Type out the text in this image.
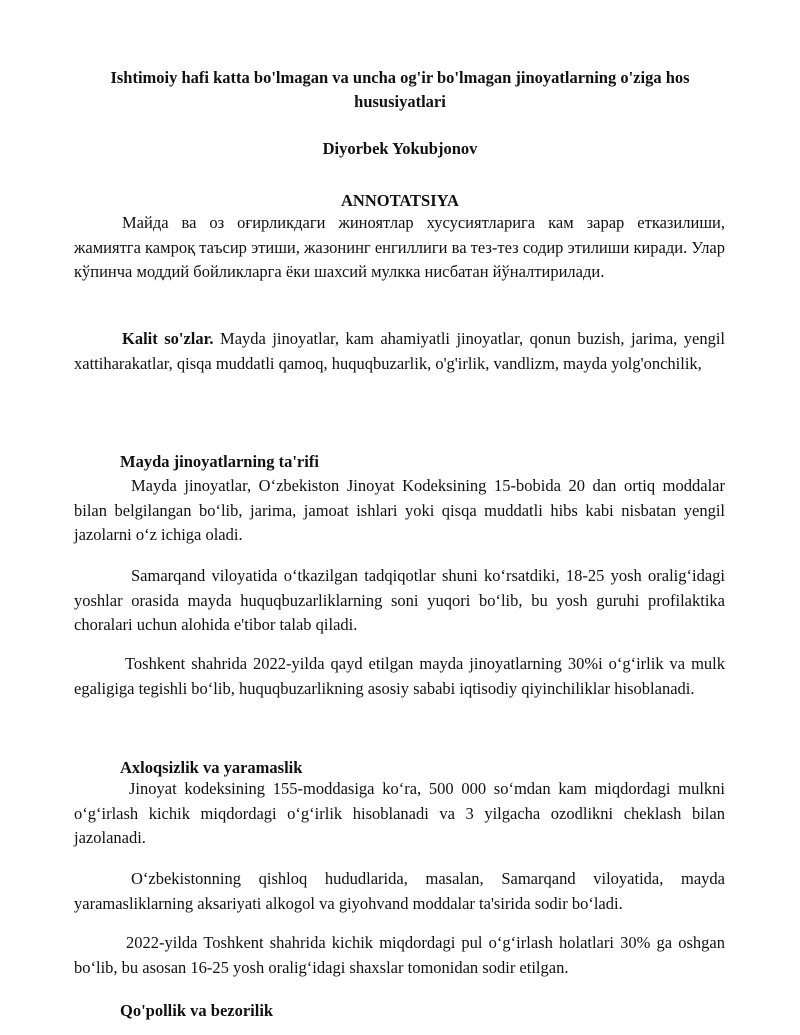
Ishtimoiy hafi katta bo'lmagan va uncha og'ir bo'lmagan jinoyatlarning o'ziga hos hususiyatlari
Diyorbek Yokubjonov
ANNOTATSIYA

Майда ва оз оғирликдаги жиноятлар хусусиятларига кам зарар етказилиши, жамиятга камроқ таъсир этиши, жазонинг енгиллиги ва тез-тез содир этилиши киради. Улар кўпинча моддий бойликларга ёки шахсий мулкка нисбатан йўналтирилади.

Kalit so'zlar. Mayda jinoyatlar, kam ahamiyatli jinoyatlar, qonun buzish, jarima, yengil xattiharakatlar, qisqa muddatli qamoq, huquqbuzarlik, o'g'irlik, vandlizm, mayda yolg'onchilik,

Mayda jinoyatlarning ta'rifi

Mayda jinoyatlar, Oʻzbekiston Jinoyat Kodeksining 15-bobida 20 dan ortiq moddalar bilan belgilangan boʻlib, jarima, jamoat ishlari yoki qisqa muddatli hibs kabi nisbatan yengil jazolarni oʻz ichiga oladi.

Samarqand viloyatida oʻtkazilgan tadqiqotlar shuni koʻrsatdiki, 18-25 yosh oraligʻidagi yoshlar orasida mayda huquqbuzarliklarning soni yuqori boʻlib, bu yosh guruhi profilaktika choralari uchun alohida e'tibor talab qiladi.

Toshkent shahrida 2022-yilda qayd etilgan mayda jinoyatlarning 30%i oʻgʻirlik va mulk egaligiga tegishli boʻlib, huquqbuzarlikning asosiy sababi iqtisodiy qiyinchiliklar hisoblanadi.

Axloqsizlik va yaramaslik

Jinoyat kodeksining 155-moddasiga koʻra, 500 000 soʻmdan kam miqdordagi mulkni oʻgʻirlash kichik miqdordagi oʻgʻirlik hisoblanadi va 3 yilgacha ozodlikni cheklash bilan jazolanadi.

Oʻzbekistonning qishloq hududlarida, masalan, Samarqand viloyatida, mayda yaramasliklarning aksariyati alkogol va giyohvand moddalar ta'sirida sodir boʻladi.

2022-yilda Toshkent shahrida kichik miqdordagi pul oʻgʻirlash holatlari 30% ga oshgan boʻlib, bu asosan 16-25 yosh oraligʻidagi shaxslar tomonidan sodir etilgan.

Qo'pollik va bezorilik
